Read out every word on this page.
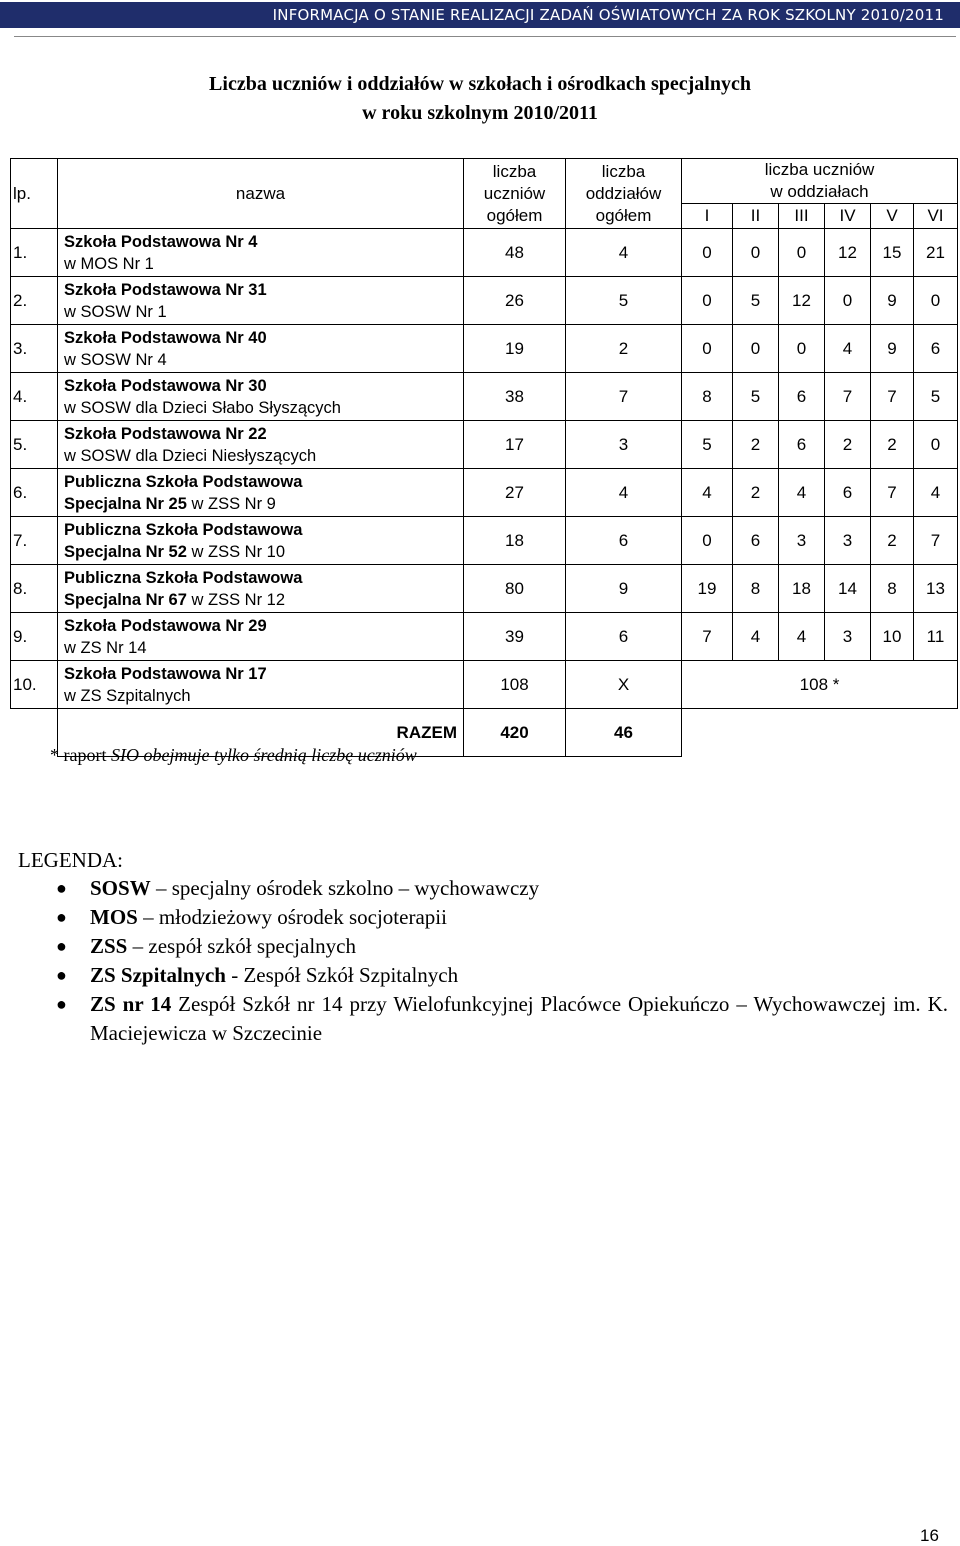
INFORMACJA O STANIE REALIZACJI ZADAŃ OŚWIATOWYCH ZA ROK SZKOLNY 2010/2011
Liczba uczniów i oddziałów w szkołach i ośrodkach specjalnych
w roku szkolnym 2010/2011
lp.	nazwa	liczba uczniów ogółem	liczba oddziałów ogółem	liczba uczniów w oddziałach					
				I	II	III	IV	V	VI
1.	Szkoła Podstawowa Nr 4
w MOS Nr 1	48	4	0	0	0	12	15	21
2.	Szkoła Podstawowa Nr 31
w SOSW Nr 1	26	5	0	5	12	0	9	0
3.	Szkoła Podstawowa Nr 40
w SOSW Nr 4	19	2	0	0	0	4	9	6
4.	Szkoła Podstawowa Nr 30
w SOSW dla Dzieci Słabo Słyszących	38	7	8	5	6	7	7	5
5.	Szkoła Podstawowa Nr 22
w SOSW dla Dzieci Niesłyszących	17	3	5	2	6	2	2	0
6.	Publiczna Szkoła Podstawowa
Specjalna Nr 25 w ZSS Nr 9	27	4	4	2	4	6	7	4
7.	Publiczna Szkoła Podstawowa
Specjalna Nr 52 w ZSS Nr 10	18	6	0	6	3	3	2	7
8.	Publiczna Szkoła Podstawowa
Specjalna Nr 67 w ZSS Nr 12	80	9	19	8	18	14	8	13
9.	Szkoła Podstawowa Nr 29
w ZS Nr 14	39	6	7	4	4	3	10	11
10.	Szkoła Podstawowa Nr 17
w ZS Szpitalnych	108	X	108 *					
	RAZEM	420	46						
* raport SIO obejmuje tylko średnią liczbę uczniów
LEGENDA:
● SOSW – specjalny ośrodek szkolno – wychowawczy
● MOS – młodzieżowy ośrodek socjoterapii
● ZSS – zespół szkół specjalnych
● ZS Szpitalnych - Zespół Szkół Szpitalnych
● ZS nr 14 Zespół Szkół nr 14 przy Wielofunkcyjnej Placówce Opiekuńczo – Wychowawczej im. K. Maciejewicza w Szczecinie
16
